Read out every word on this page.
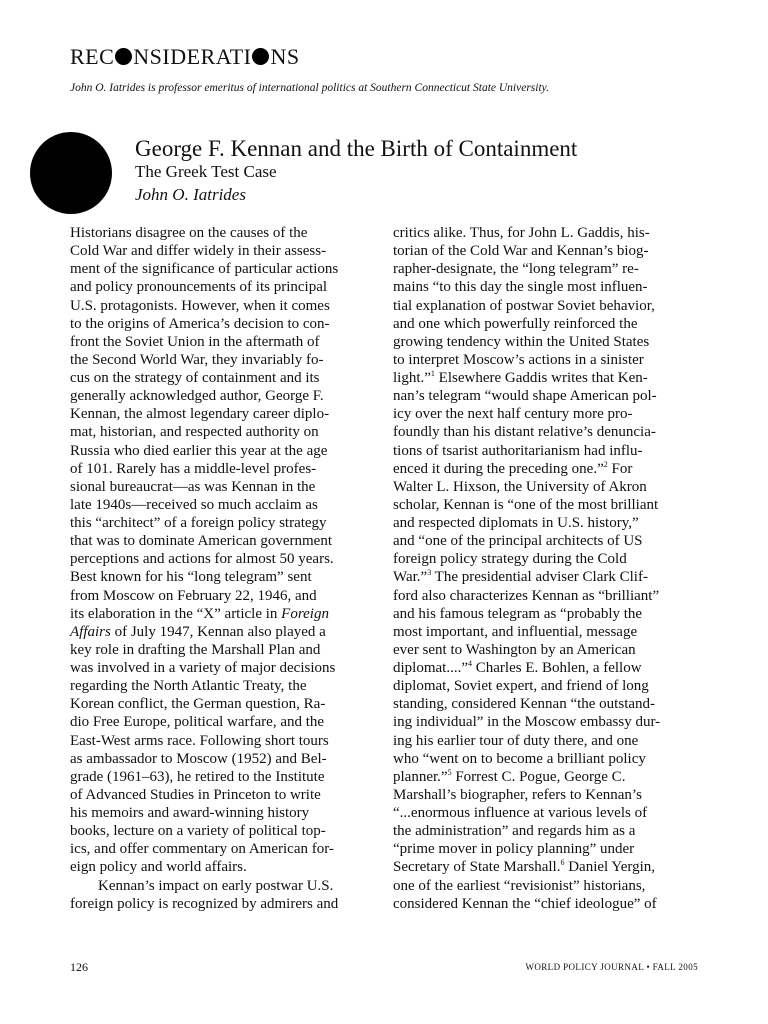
REC NSIDERATI NS
John O. Iatrides is professor emeritus of international politics at Southern Connecticut State University.
George F. Kennan and the Birth of Containment
The Greek Test Case
John O. Iatrides
Historians disagree on the causes of the
Cold War and differ widely in their assess-
ment of the significance of particular actions
and policy pronouncements of its principal
U.S. protagonists. However, when it comes
to the origins of America’s decision to con-
front the Soviet Union in the aftermath of
the Second World War, they invariably fo-
cus on the strategy of containment and its
generally acknowledged author, George F.
Kennan, the almost legendary career diplo-
mat, historian, and respected authority on
Russia who died earlier this year at the age
of 101. Rarely has a middle-level profes-
sional bureaucrat—as was Kennan in the
late 1940s—received so much acclaim as
this “architect” of a foreign policy strategy
that was to dominate American government
perceptions and actions for almost 50 years.
Best known for his “long telegram” sent
from Moscow on February 22, 1946, and
its elaboration in the “X” article in Foreign
Affairs of July 1947, Kennan also played a
key role in drafting the Marshall Plan and
was involved in a variety of major decisions
regarding the North Atlantic Treaty, the
Korean conflict, the German question, Ra-
dio Free Europe, political warfare, and the
East-West arms race. Following short tours
as ambassador to Moscow (1952) and Bel-
grade (1961–63), he retired to the Institute
of Advanced Studies in Princeton to write
his memoirs and award-winning history
books, lecture on a variety of political top-
ics, and offer commentary on American for-
eign policy and world affairs.
Kennan’s impact on early postwar U.S.
foreign policy is recognized by admirers and
critics alike. Thus, for John L. Gaddis, his-
torian of the Cold War and Kennan’s biog-
rapher-designate, the “long telegram” re-
mains “to this day the single most influen-
tial explanation of postwar Soviet behavior,
and one which powerfully reinforced the
growing tendency within the United States
to interpret Moscow’s actions in a sinister
light.”$^1$ Elsewhere Gaddis writes that Ken-
nan’s telegram “would shape American pol-
icy over the next half century more pro-
foundly than his distant relative’s denuncia-
tions of tsarist authoritarianism had influ-
enced it during the preceding one.”$^2$ For
Walter L. Hixson, the University of Akron
scholar, Kennan is “one of the most brilliant
and respected diplomats in U.S. history,”
and “one of the principal architects of US
foreign policy strategy during the Cold
War.”$^3$ The presidential adviser Clark Clif-
ford also characterizes Kennan as “brilliant”
and his famous telegram as “probably the
most important, and influential, message
ever sent to Washington by an American
diplomat....”$^4$ Charles E. Bohlen, a fellow
diplomat, Soviet expert, and friend of long
standing, considered Kennan “the outstand-
ing individual” in the Moscow embassy dur-
ing his earlier tour of duty there, and one
who “went on to become a brilliant policy
planner.”$^5$ Forrest C. Pogue, George C.
Marshall’s biographer, refers to Kennan’s
“...enormous influence at various levels of
the administration” and regards him as a
“prime mover in policy planning” under
Secretary of State Marshall.$^6$ Daniel Yergin,
one of the earliest “revisionist” historians,
considered Kennan the “chief ideologue” of
126	WORLD POLICY JOURNAL • FALL 2005
